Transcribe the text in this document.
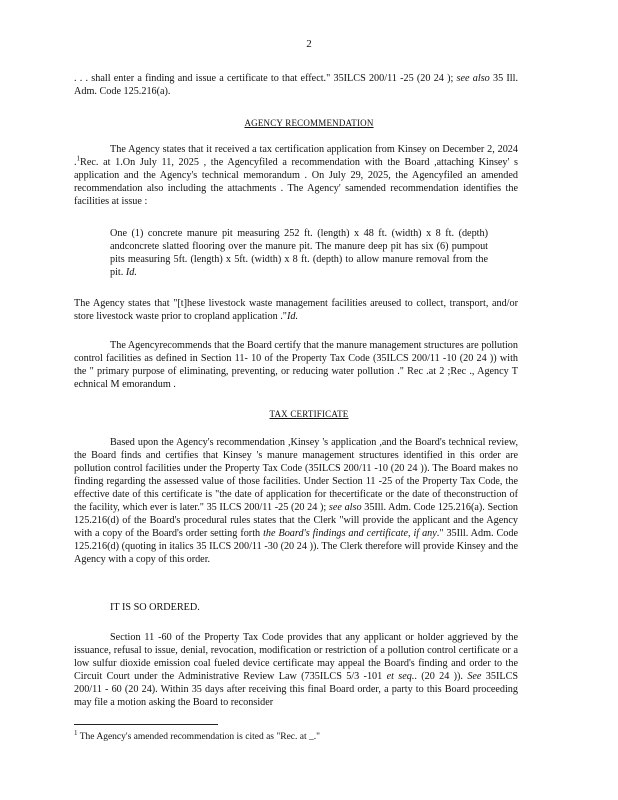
2

. . . shall enter a finding and issue a certificate to that effect." 35ILCS 200/11 -25 (20 24 ); see also 35 Ill. Adm. Code 125.216(a).

AGENCY RECOMMENDATION

The Agency states that it received a tax certification application from Kinsey on December 2, 2024 .$^1$Rec. at 1.On July 11, 2025 , the Agencyfiled a recommendation with the Board ,attaching Kinsey' s application and the Agency's technical memorandum . On July 29, 2025, the Agencyfiled an amended recommendation also including the attachments . The Agency' samended recommendation identifies the facilities at issue :

One (1) concrete manure pit measuring 252 ft. (length) x 48 ft. (width) x 8 ft. (depth) andconcrete slatted flooring over the manure pit. The manure deep pit has six (6) pumpout pits measuring 5ft. (length) x 5ft. (width) x 8 ft. (depth) to allow manure removal from the pit. Id.

The Agency states that "[t]hese livestock waste management facilities areused to collect, transport, and/or store livestock waste prior to cropland application ."Id.

The Agencyrecommends that the Board certify that the manure management structures are pollution control facilities as defined in Section 11- 10 of the Property Tax Code (35ILCS 200/11 -10 (20 24 )) with the " primary purpose of eliminating, preventing, or reducing water pollution ." Rec .at 2 ;Rec ., Agency T echnical M emorandum .

TAX CERTIFICATE

Based upon the Agency's recommendation ,Kinsey 's application ,and the Board's technical review, the Board finds and certifies that Kinsey 's manure management structures identified in this order are pollution control facilities under the Property Tax Code (35ILCS 200/11 -10 (20 24 )). The Board makes no finding regarding the assessed value of those facilities. Under Section 11 -25 of the Property Tax Code, the effective date of this certificate is "the date of application for thecertificate or the date of theconstruction of the facility, which ever is later." 35 ILCS 200/11 -25 (20 24 ); see also 35Ill. Adm. Code 125.216(a). Section 125.216(d) of the Board's procedural rules states that the Clerk "will provide the applicant and the Agency with a copy of the Board's order setting forth the Board's findings and certificate, if any." 35Ill. Adm. Code 125.216(d) (quoting in italics 35 ILCS 200/11 -30 (20 24 )). The Clerk therefore will provide Kinsey and the Agency with a copy of this order.

IT IS SO ORDERED.

Section 11 -60 of the Property Tax Code provides that any applicant or holder aggrieved by the issuance, refusal to issue, denial, revocation, modification or restriction of a pollution control certificate or a low sulfur dioxide emission coal fueled device certificate may appeal the Board's finding and order to the Circuit Court under the Administrative Review Law (735ILCS 5/3 -101 et seq.. (20 24 )). See 35ILCS 200/11 - 60 (20 24). Within 35 days after receiving this final Board order, a party to this Board proceeding may file a motion asking the Board to reconsider

$^1$ The Agency's amended recommendation is cited as "Rec. at _."
